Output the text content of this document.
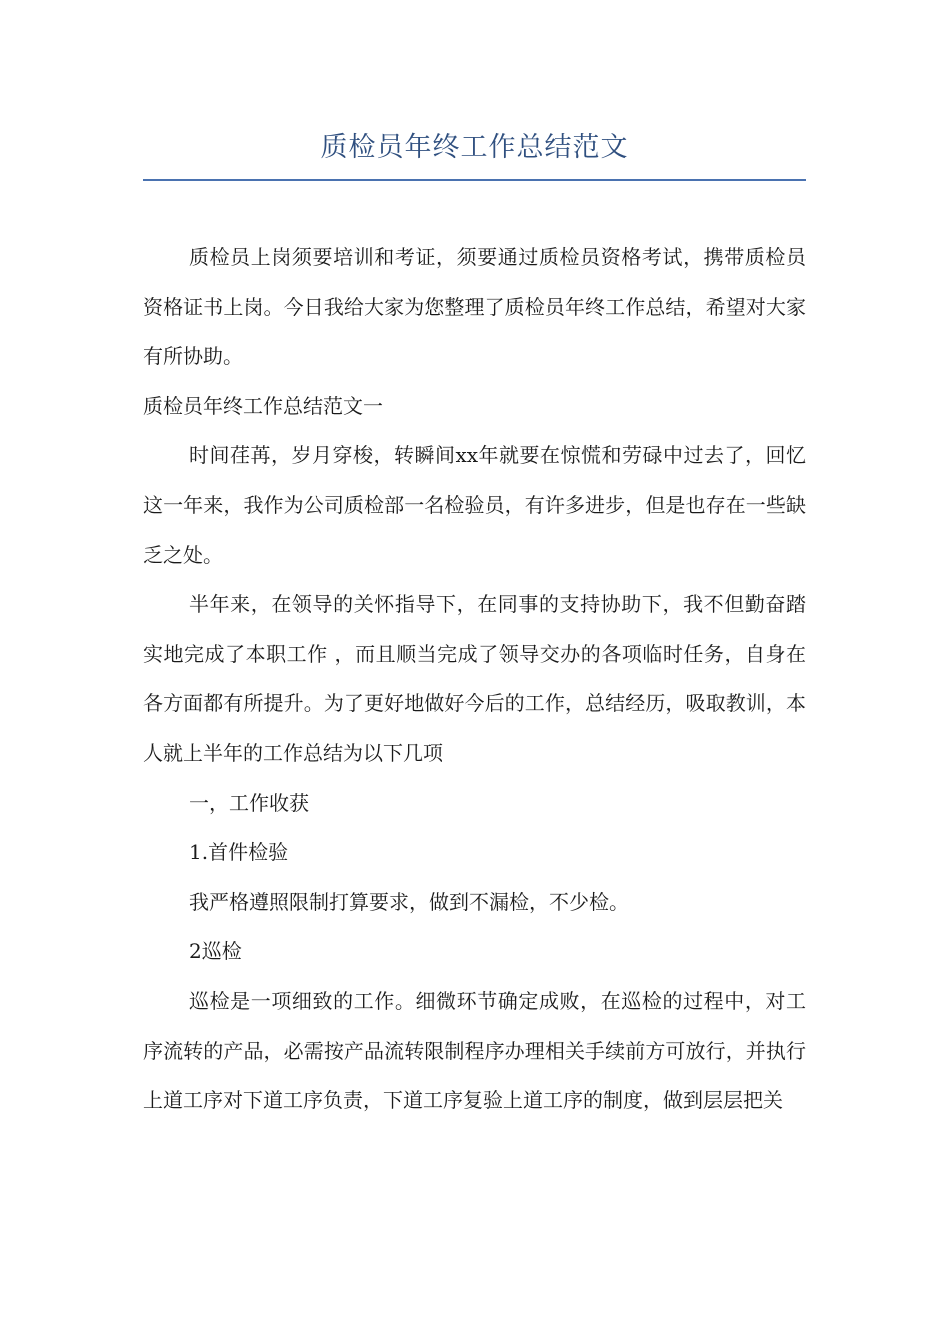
质检员年终工作总结范文

质检员上岗须要培训和考证，须要通过质检员资格考试，携带质检员资格证书上岗。今日我给大家为您整理了质检员年终工作总结，希望对大家有所协助。

质检员年终工作总结范文一

时间荏苒，岁月穿梭，转瞬间xx年就要在惊慌和劳碌中过去了，回忆这一年来，我作为公司质检部一名检验员，有许多进步，但是也存在一些缺乏之处。

半年来，在领导的关怀指导下，在同事的支持协助下，我不但勤奋踏实地完成了本职工作 ，而且顺当完成了领导交办的各项临时任务，自身在各方面都有所提升。为了更好地做好今后的工作，总结经历，吸取教训，本人就上半年的工作总结为以下几项

一，工作收获

1.首件检验

我严格遵照限制打算要求，做到不漏检，不少检。

2巡检

巡检是一项细致的工作。细微环节确定成败，在巡检的过程中，对工序流转的产品，必需按产品流转限制程序办理相关手续前方可放行，并执行上道工序对下道工序负责，下道工序复验上道工序的制度，做到层层把关
